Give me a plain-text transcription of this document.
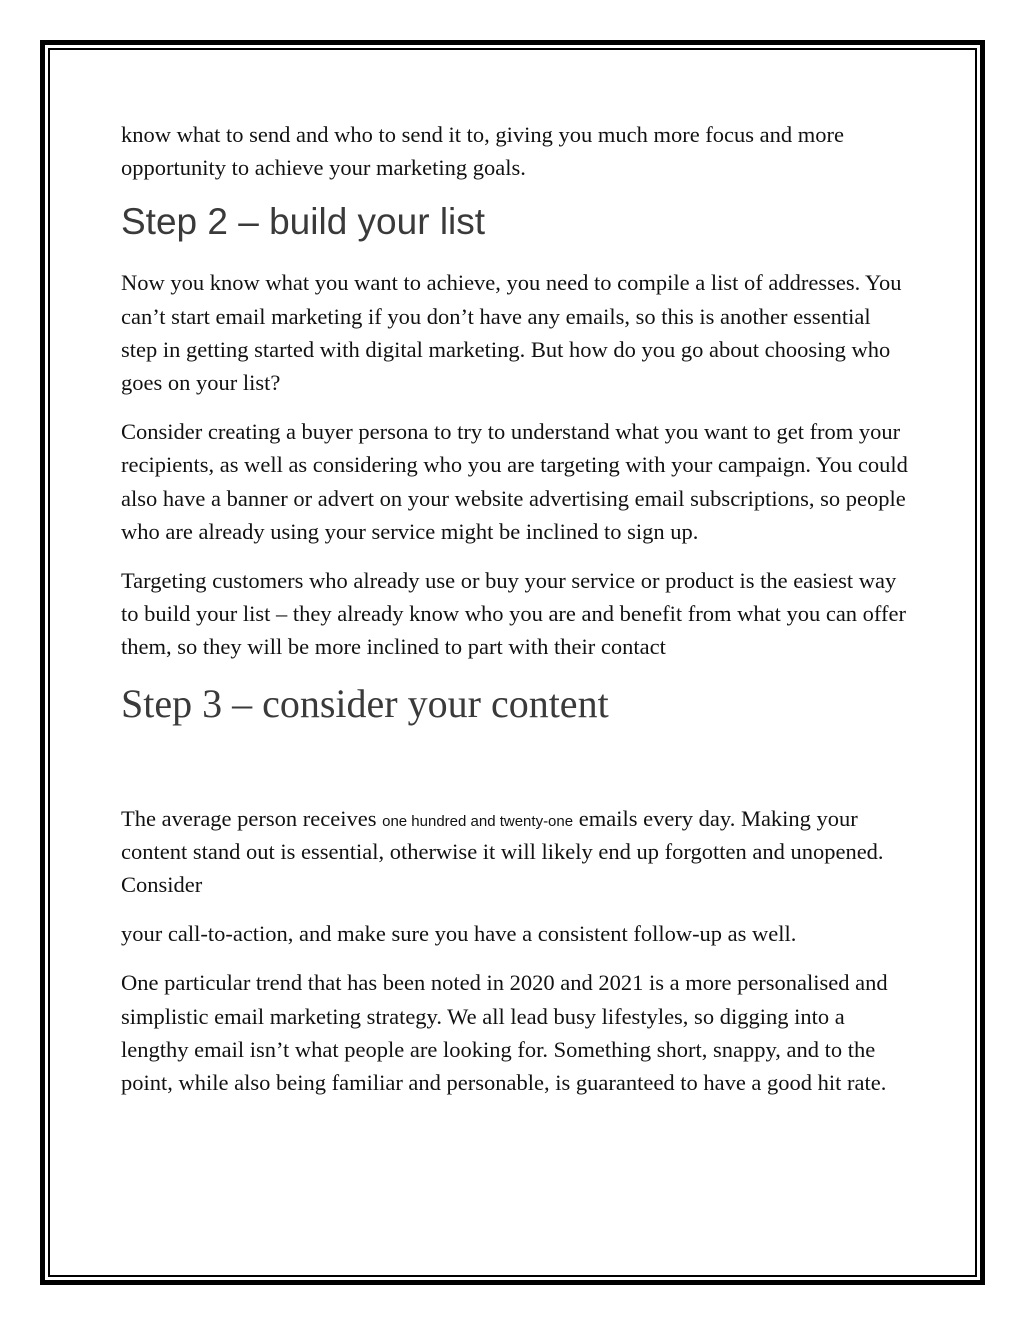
know what to send and who to send it to, giving you much more focus and more opportunity to achieve your marketing goals.

Step 2 – build your list

Now you know what you want to achieve, you need to compile a list of addresses. You can’t start email marketing if you don’t have any emails, so this is another essential step in getting started with digital marketing. But how do you go about choosing who goes on your list?

Consider creating a buyer persona to try to understand what you want to get from your recipients, as well as considering who you are targeting with your campaign. You could also have a banner or advert on your website advertising email subscriptions, so people who are already using your service might be inclined to sign up.

Targeting customers who already use or buy your service or product is the easiest way to build your list – they already know who you are and benefit from what you can offer them, so they will be more inclined to part with their contact

Step 3 – consider your content

The average person receives one hundred and twenty-one emails every day. Making your content stand out is essential, otherwise it will likely end up forgotten and unopened. Consider

your call-to-action, and make sure you have a consistent follow-up as well.

One particular trend that has been noted in 2020 and 2021 is a more personalised and simplistic email marketing strategy. We all lead busy lifestyles, so digging into a lengthy email isn’t what people are looking for. Something short, snappy, and to the point, while also being familiar and personable, is guaranteed to have a good hit rate.
